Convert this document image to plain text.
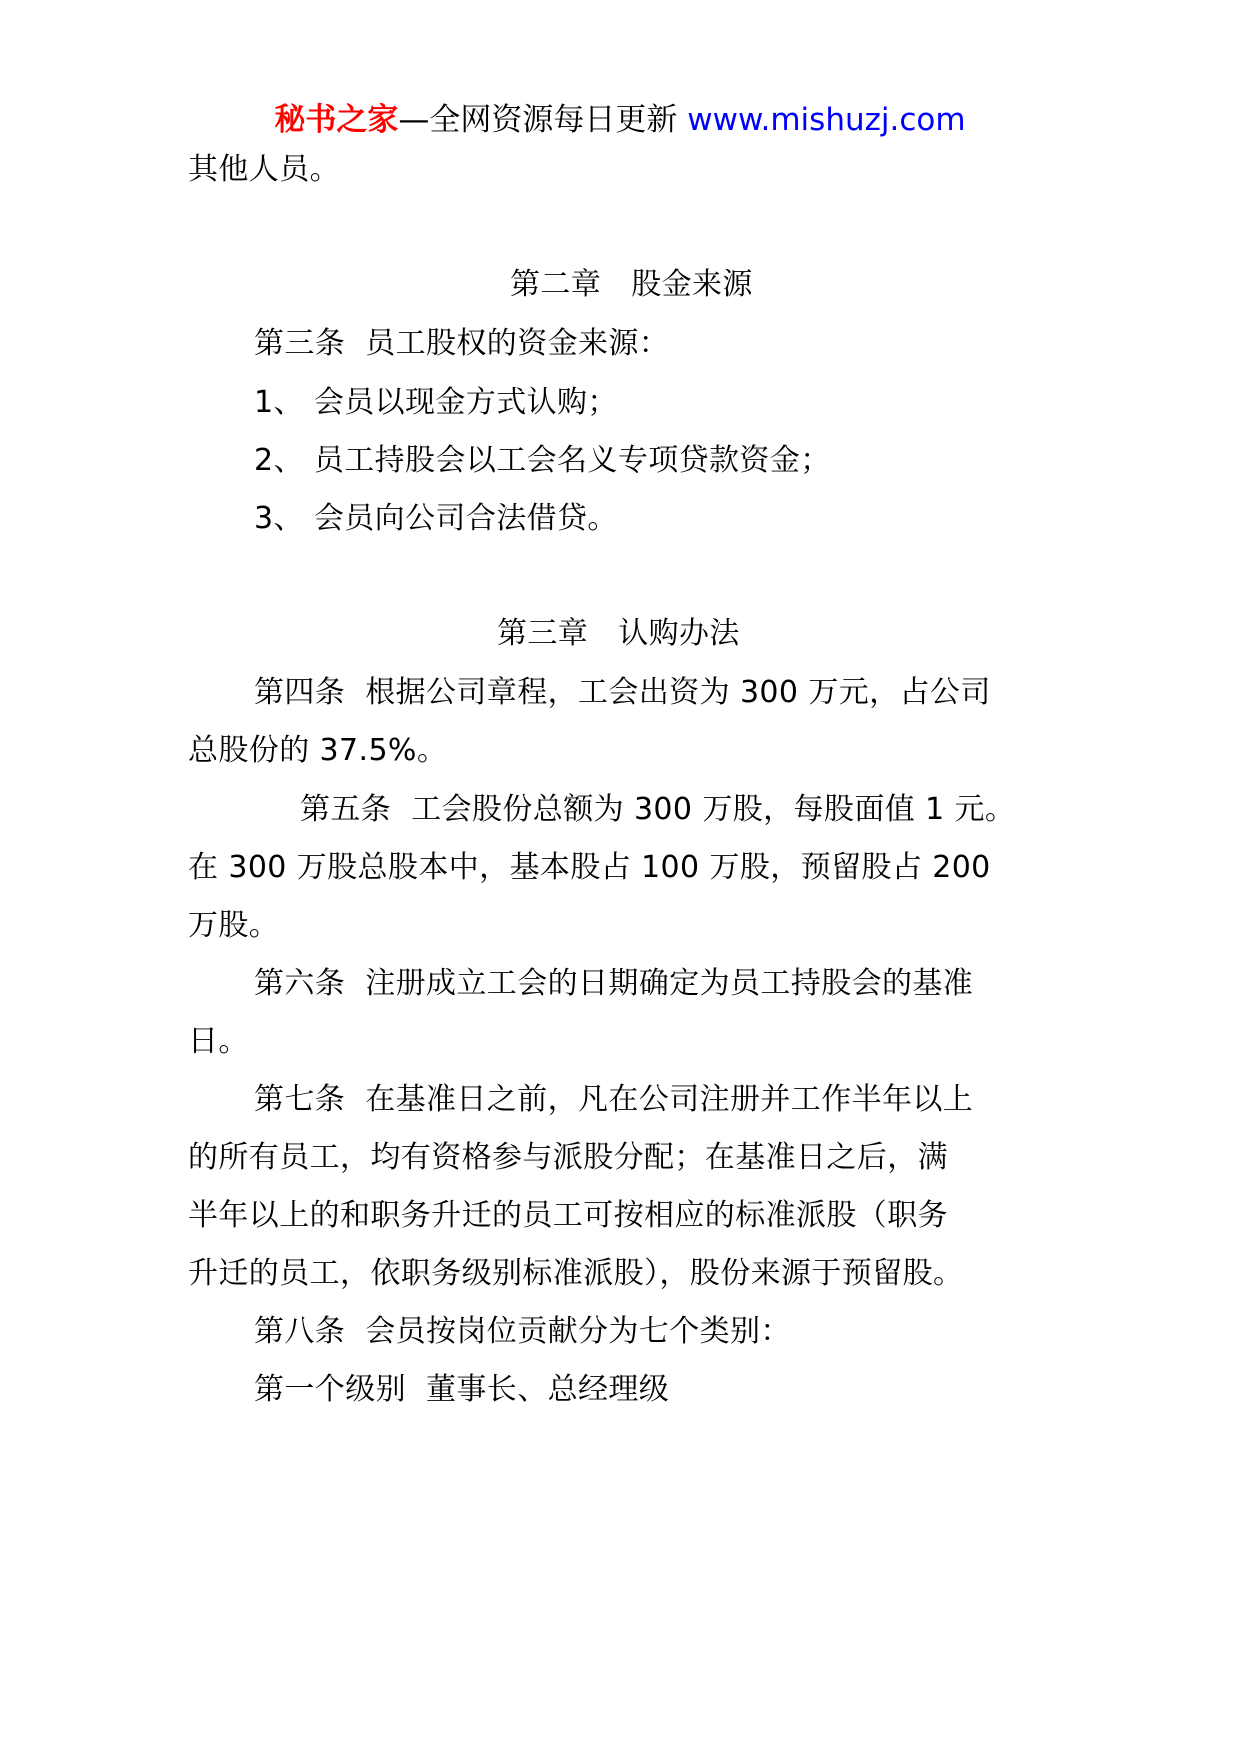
秘书之家—全网资源每日更新 www.mishuzj.com
其他人员。
第二章 股金来源
第三条 员工股权的资金来源：
1、 会员以现金方式认购；
2、 员工持股会以工会名义专项贷款资金；
3、 会员向公司合法借贷。
第三章 认购办法
第四条 根据公司章程，工会出资为 300 万元，占公司
总股份的 37.5%。
第五条 工会股份总额为 300 万股，每股面值 1 元。
在 300 万股总股本中，基本股占 100 万股，预留股占 200
万股。
第六条 注册成立工会的日期确定为员工持股会的基准
日。
第七条 在基准日之前，凡在公司注册并工作半年以上
的所有员工，均有资格参与派股分配；在基准日之后，满
半年以上的和职务升迁的员工可按相应的标准派股（职务
升迁的员工，依职务级别标准派股），股份来源于预留股。
第八条 会员按岗位贡献分为七个类别：
第一个级别 董事长、总经理级
